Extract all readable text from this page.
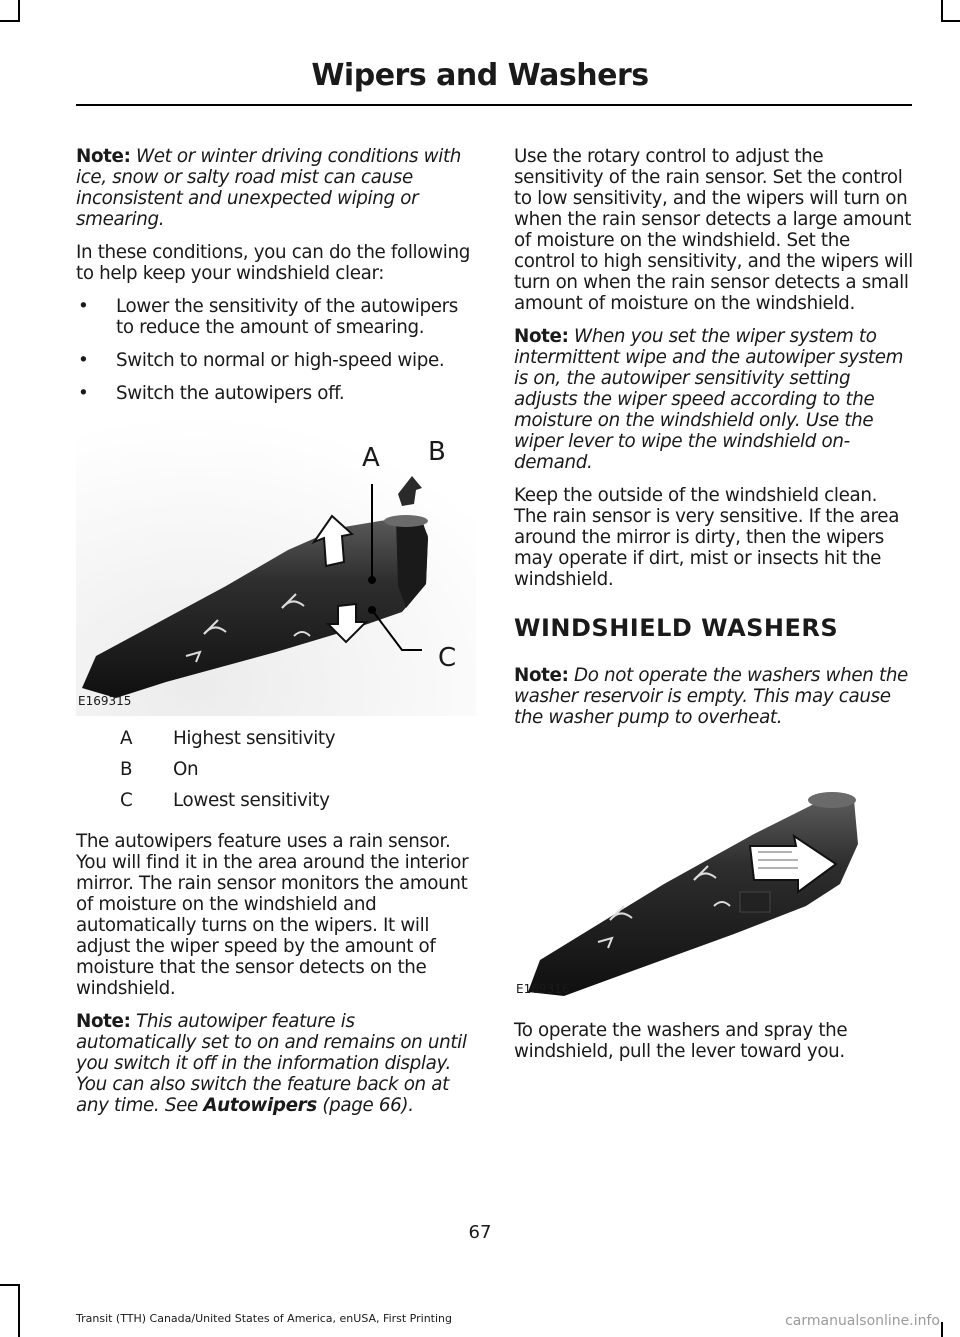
Wipers and Washers

Note: Wet or winter driving conditions with ice, snow or salty road mist can cause inconsistent and unexpected wiping or smearing.

In these conditions, you can do the following to help keep your windshield clear:

• Lower the sensitivity of the autowipers to reduce the amount of smearing.
• Switch to normal or high-speed wipe.
• Switch the autowipers off.
A B
C
E169315
A	Highest sensitivity
B	On
C	Lowest sensitivity

The autowipers feature uses a rain sensor. You will find it in the area around the interior mirror. The rain sensor monitors the amount of moisture on the windshield and automatically turns on the wipers. It will adjust the wiper speed by the amount of moisture that the sensor detects on the windshield.

Note: This autowiper feature is automatically set to on and remains on until you switch it off in the information display. You can also switch the feature back on at any time. See Autowipers (page 66).

Use the rotary control to adjust the sensitivity of the rain sensor. Set the control to low sensitivity, and the wipers will turn on when the rain sensor detects a large amount of moisture on the windshield. Set the control to high sensitivity, and the wipers will turn on when the rain sensor detects a small amount of moisture on the windshield.

Note: When you set the wiper system to intermittent wipe and the autowiper system is on, the autowiper sensitivity setting adjusts the wiper speed according to the moisture on the windshield only. Use the wiper lever to wipe the windshield on-demand.

Keep the outside of the windshield clean. The rain sensor is very sensitive. If the area around the mirror is dirty, then the wipers may operate if dirt, mist or insects hit the windshield.

WINDSHIELD WASHERS

Note: Do not operate the washers when the washer reservoir is empty. This may cause the washer pump to overheat.

E169316

To operate the washers and spray the windshield, pull the lever toward you.

67
Transit (TTH) Canada/United States of America, enUSA, First Printing	carmanualsonline.info
